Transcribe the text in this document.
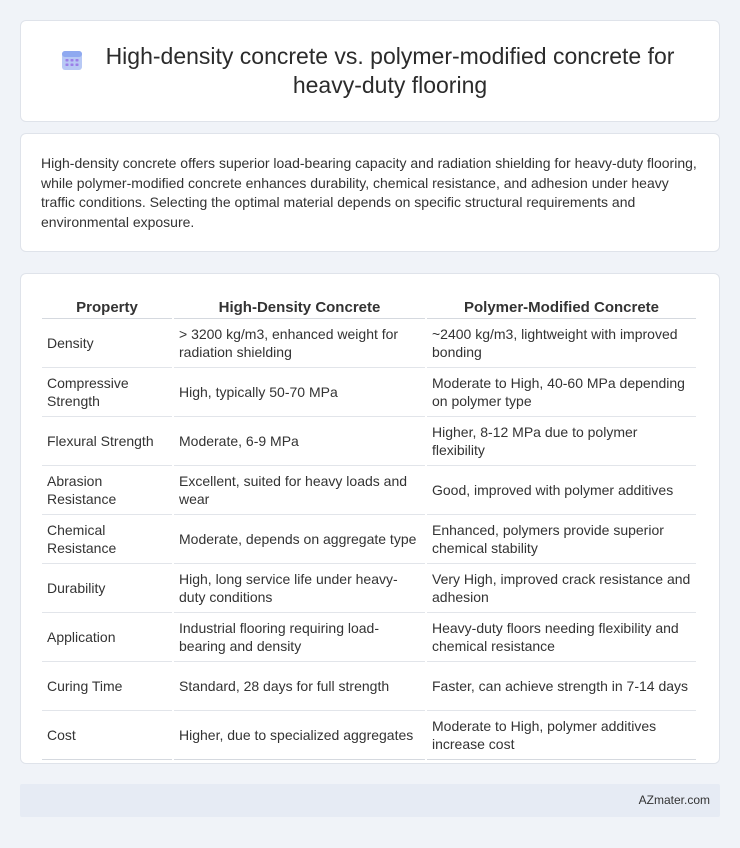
High-density concrete vs. polymer-modified concrete for heavy-duty flooring

High-density concrete offers superior load-bearing capacity and radiation shielding for heavy-duty flooring, while polymer-modified concrete enhances durability, chemical resistance, and adhesion under heavy traffic conditions. Selecting the optimal material depends on specific structural requirements and environmental exposure.

Property	High-Density Concrete	Polymer-Modified Concrete
Density	> 3200 kg/m3, enhanced weight for radiation shielding	~2400 kg/m3, lightweight with improved bonding
Compressive Strength	High, typically 50-70 MPa	Moderate to High, 40-60 MPa depending on polymer type
Flexural Strength	Moderate, 6-9 MPa	Higher, 8-12 MPa due to polymer flexibility
Abrasion Resistance	Excellent, suited for heavy loads and wear	Good, improved with polymer additives
Chemical Resistance	Moderate, depends on aggregate type	Enhanced, polymers provide superior chemical stability
Durability	High, long service life under heavy-duty conditions	Very High, improved crack resistance and adhesion
Application	Industrial flooring requiring load-bearing and density	Heavy-duty floors needing flexibility and chemical resistance
Curing Time	Standard, 28 days for full strength	Faster, can achieve strength in 7-14 days
Cost	Higher, due to specialized aggregates	Moderate to High, polymer additives increase cost
AZmater.com
